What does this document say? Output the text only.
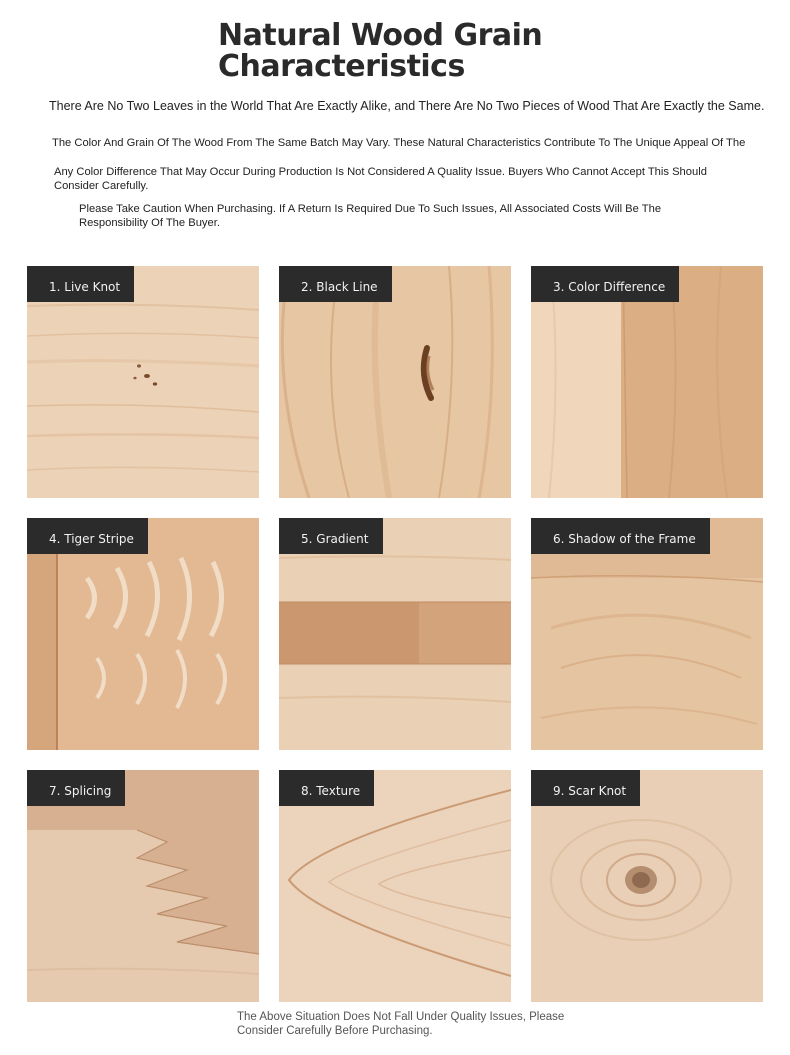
Natural Wood Grain Characteristics

There Are No Two Leaves in the World That Are Exactly Alike, and There Are No Two Pieces of Wood That Are Exactly the Same.

The Color And Grain Of The Wood From The Same Batch May Vary. These Natural Characteristics Contribute To The Unique Appeal Of The

Any Color Difference That May Occur During Production Is Not Considered A Quality Issue. Buyers Who Cannot Accept This Should Consider Carefully.

Please Take Caution When Purchasing. If A Return Is Required Due To Such Issues, All Associated Costs Will Be The Responsibility Of The Buyer.

1. Live Knot	2. Black Line	3. Color Difference
4. Tiger Stripe	5. Gradient	6. Shadow of the Frame
7. Splicing	8. Texture	9. Scar Knot

The Above Situation Does Not Fall Under Quality Issues, Please Consider Carefully Before Purchasing.
